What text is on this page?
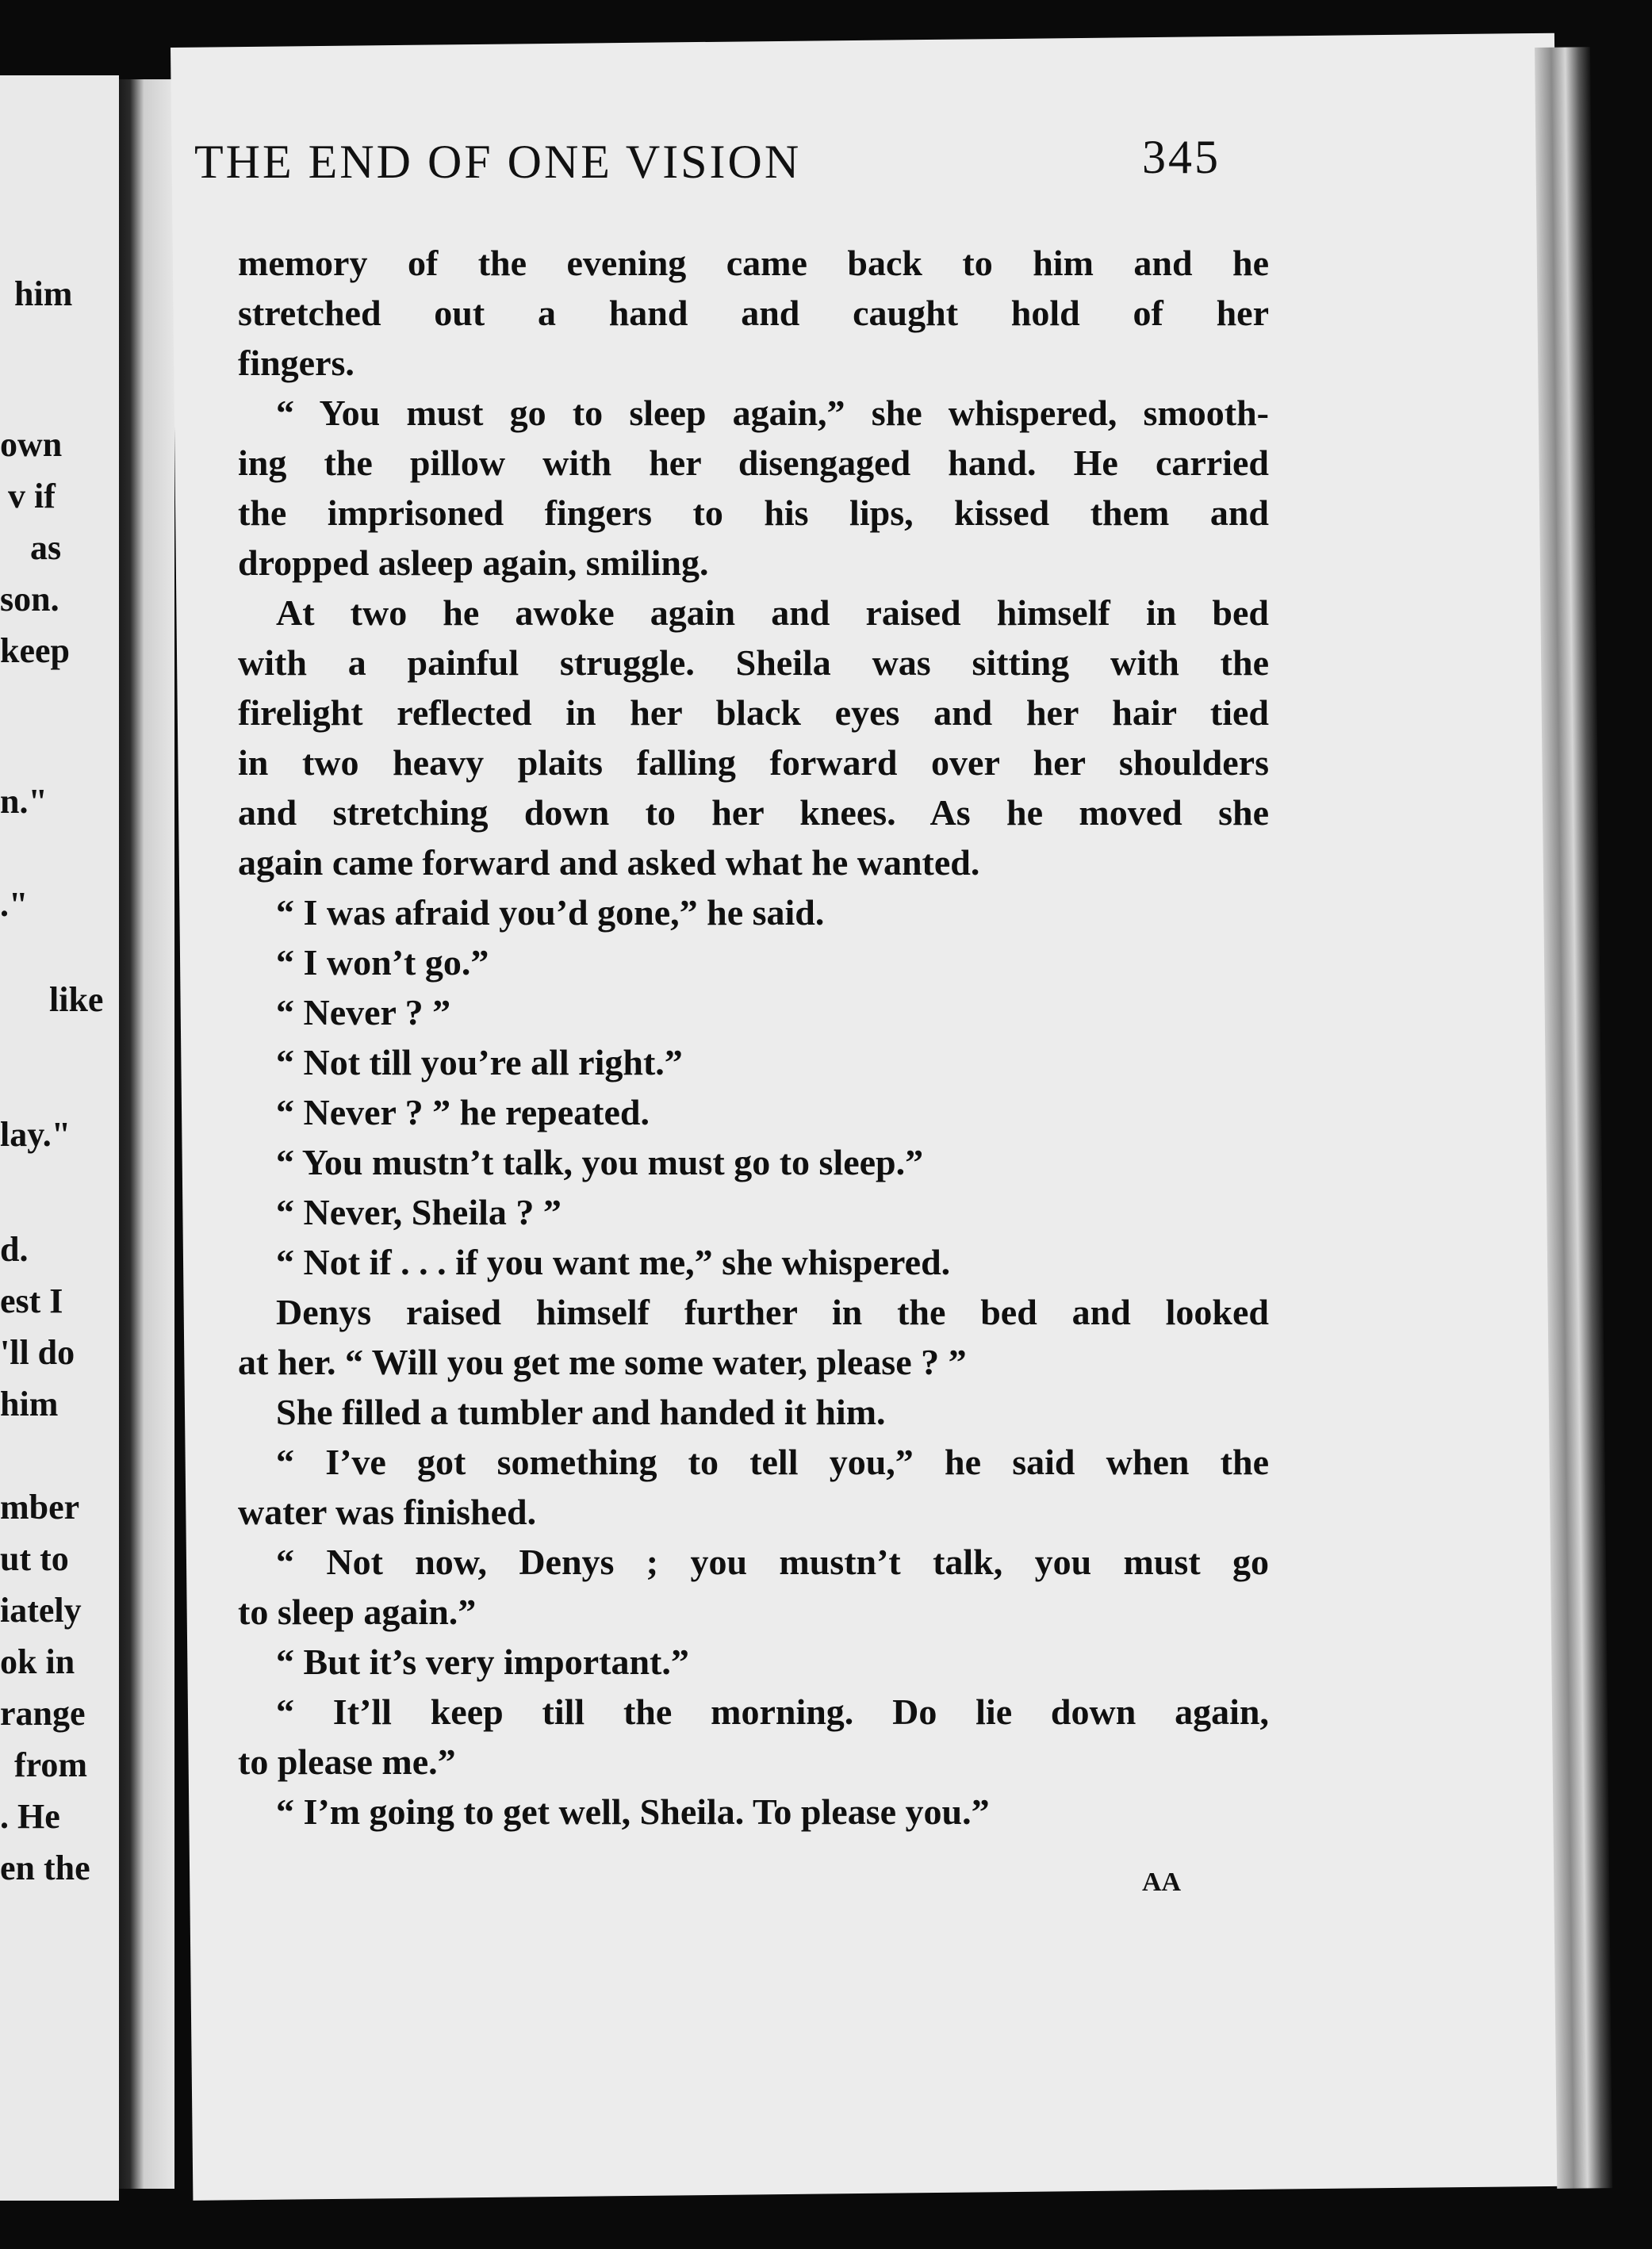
him
own
v if
as
son.
keep
n."
."
like
lay."
d.
est I
'll do
him
mber
ut to
iately
ok in
range
from
. He
en the
THE END OF ONE VISION	345
memory of the evening came back to him and he
stretched out a hand and caught hold of her
fingers.
“ You must go to sleep again,” she whispered, smooth-
ing the pillow with her disengaged hand. He carried
the imprisoned fingers to his lips, kissed them and
dropped asleep again, smiling.
At two he awoke again and raised himself in bed
with a painful struggle. Sheila was sitting with the
firelight reflected in her black eyes and her hair tied
in two heavy plaits falling forward over her shoulders
and stretching down to her knees. As he moved she
again came forward and asked what he wanted.
“ I was afraid you’d gone,” he said.
“ I won’t go.”
“ Never ? ”
“ Not till you’re all right.”
“ Never ? ” he repeated.
“ You mustn’t talk, you must go to sleep.”
“ Never, Sheila ? ”
“ Not if . . . if you want me,” she whispered.
Denys raised himself further in the bed and looked
at her. “ Will you get me some water, please ? ”
She filled a tumbler and handed it him.
“ I’ve got something to tell you,” he said when the
water was finished.
“ Not now, Denys ; you mustn’t talk, you must go
to sleep again.”
“ But it’s very important.”
“ It’ll keep till the morning. Do lie down again,
to please me.”
“ I’m going to get well, Sheila. To please you.”
AA
